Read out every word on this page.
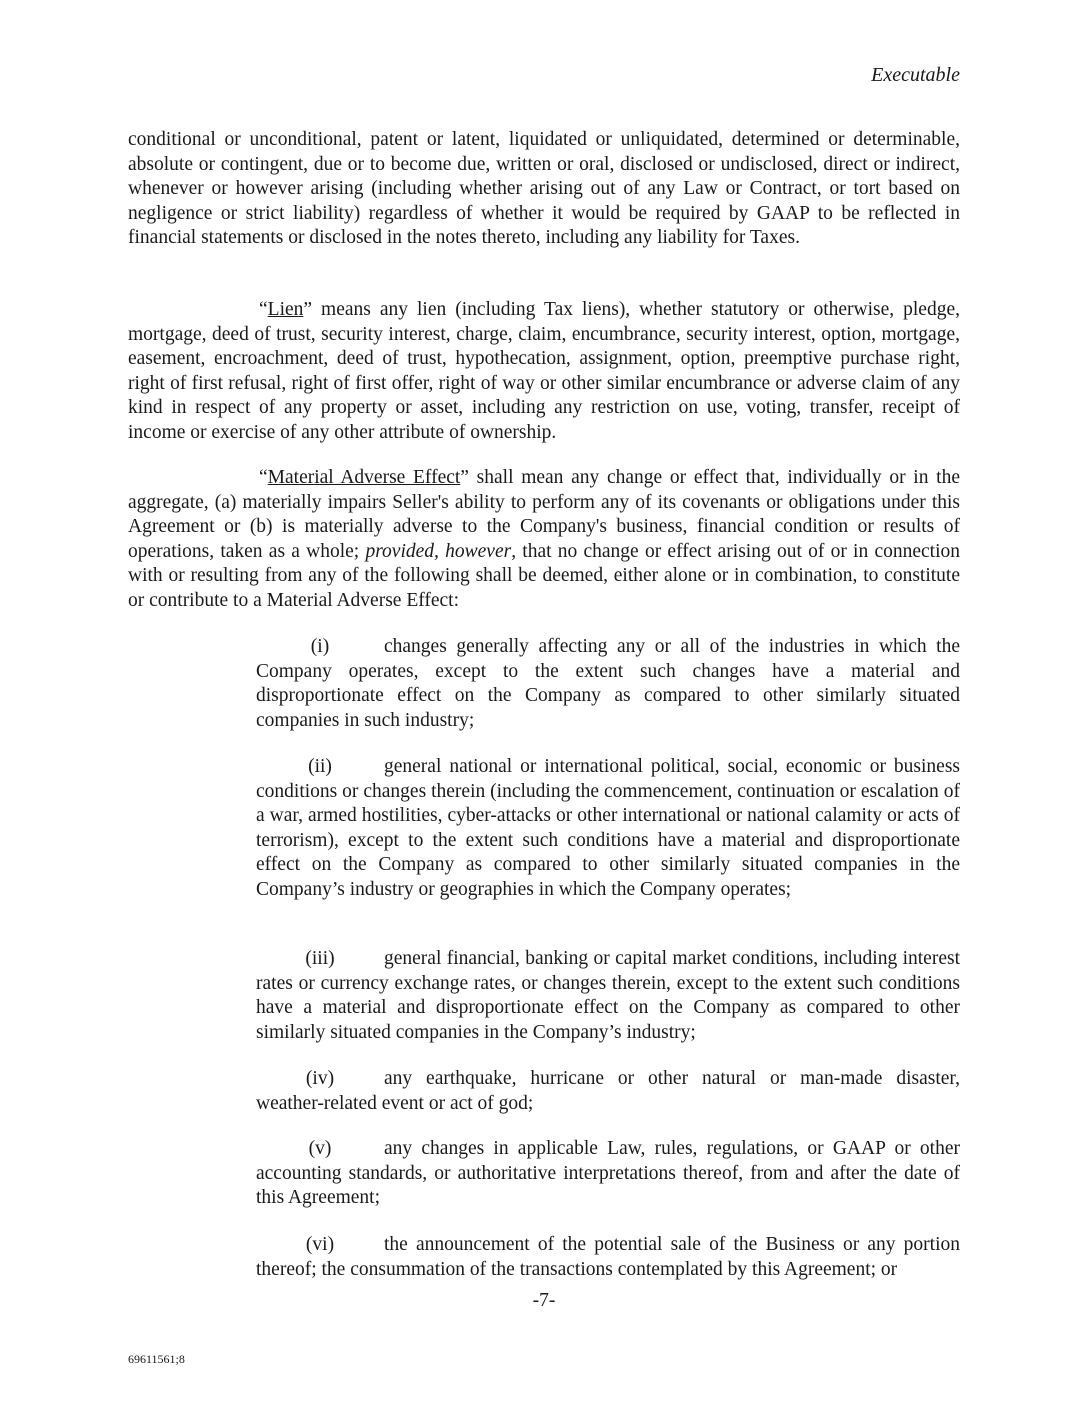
Executable
conditional or unconditional, patent or latent, liquidated or unliquidated, determined or determinable, absolute or contingent, due or to become due, written or oral, disclosed or undisclosed, direct or indirect, whenever or however arising (including whether arising out of any Law or Contract, or tort based on negligence or strict liability) regardless of whether it would be required by GAAP to be reflected in financial statements or disclosed in the notes thereto, including any liability for Taxes.
“Lien” means any lien (including Tax liens), whether statutory or otherwise, pledge, mortgage, deed of trust, security interest, charge, claim, encumbrance, security interest, option, mortgage, easement, encroachment, deed of trust, hypothecation, assignment, option, preemptive purchase right, right of first refusal, right of first offer, right of way or other similar encumbrance or adverse claim of any kind in respect of any property or asset, including any restriction on use, voting, transfer, receipt of income or exercise of any other attribute of ownership.
“Material Adverse Effect” shall mean any change or effect that, individually or in the aggregate, (a) materially impairs Seller's ability to perform any of its covenants or obligations under this Agreement or (b) is materially adverse to the Company's business, financial condition or results of operations, taken as a whole; provided, however, that no change or effect arising out of or in connection with or resulting from any of the following shall be deemed, either alone or in combination, to constitute or contribute to a Material Adverse Effect:
(i)	changes generally affecting any or all of the industries in which the Company operates, except to the extent such changes have a material and disproportionate effect on the Company as compared to other similarly situated companies in such industry;
(ii)	general national or international political, social, economic or business conditions or changes therein (including the commencement, continuation or escalation of a war, armed hostilities, cyber-attacks or other international or national calamity or acts of terrorism), except to the extent such conditions have a material and disproportionate effect on the Company as compared to other similarly situated companies in the Company’s industry or geographies in which the Company operates;
(iii)	general financial, banking or capital market conditions, including interest rates or currency exchange rates, or changes therein, except to the extent such conditions have a material and disproportionate effect on the Company as compared to other similarly situated companies in the Company’s industry;
(iv)	any earthquake, hurricane or other natural or man-made disaster, weather-related event or act of god;
(v)	any changes in applicable Law, rules, regulations, or GAAP or other accounting standards, or authoritative interpretations thereof, from and after the date of this Agreement;
(vi)	the announcement of the potential sale of the Business or any portion thereof; the consummation of the transactions contemplated by this Agreement; or
-7-
69611561;8
